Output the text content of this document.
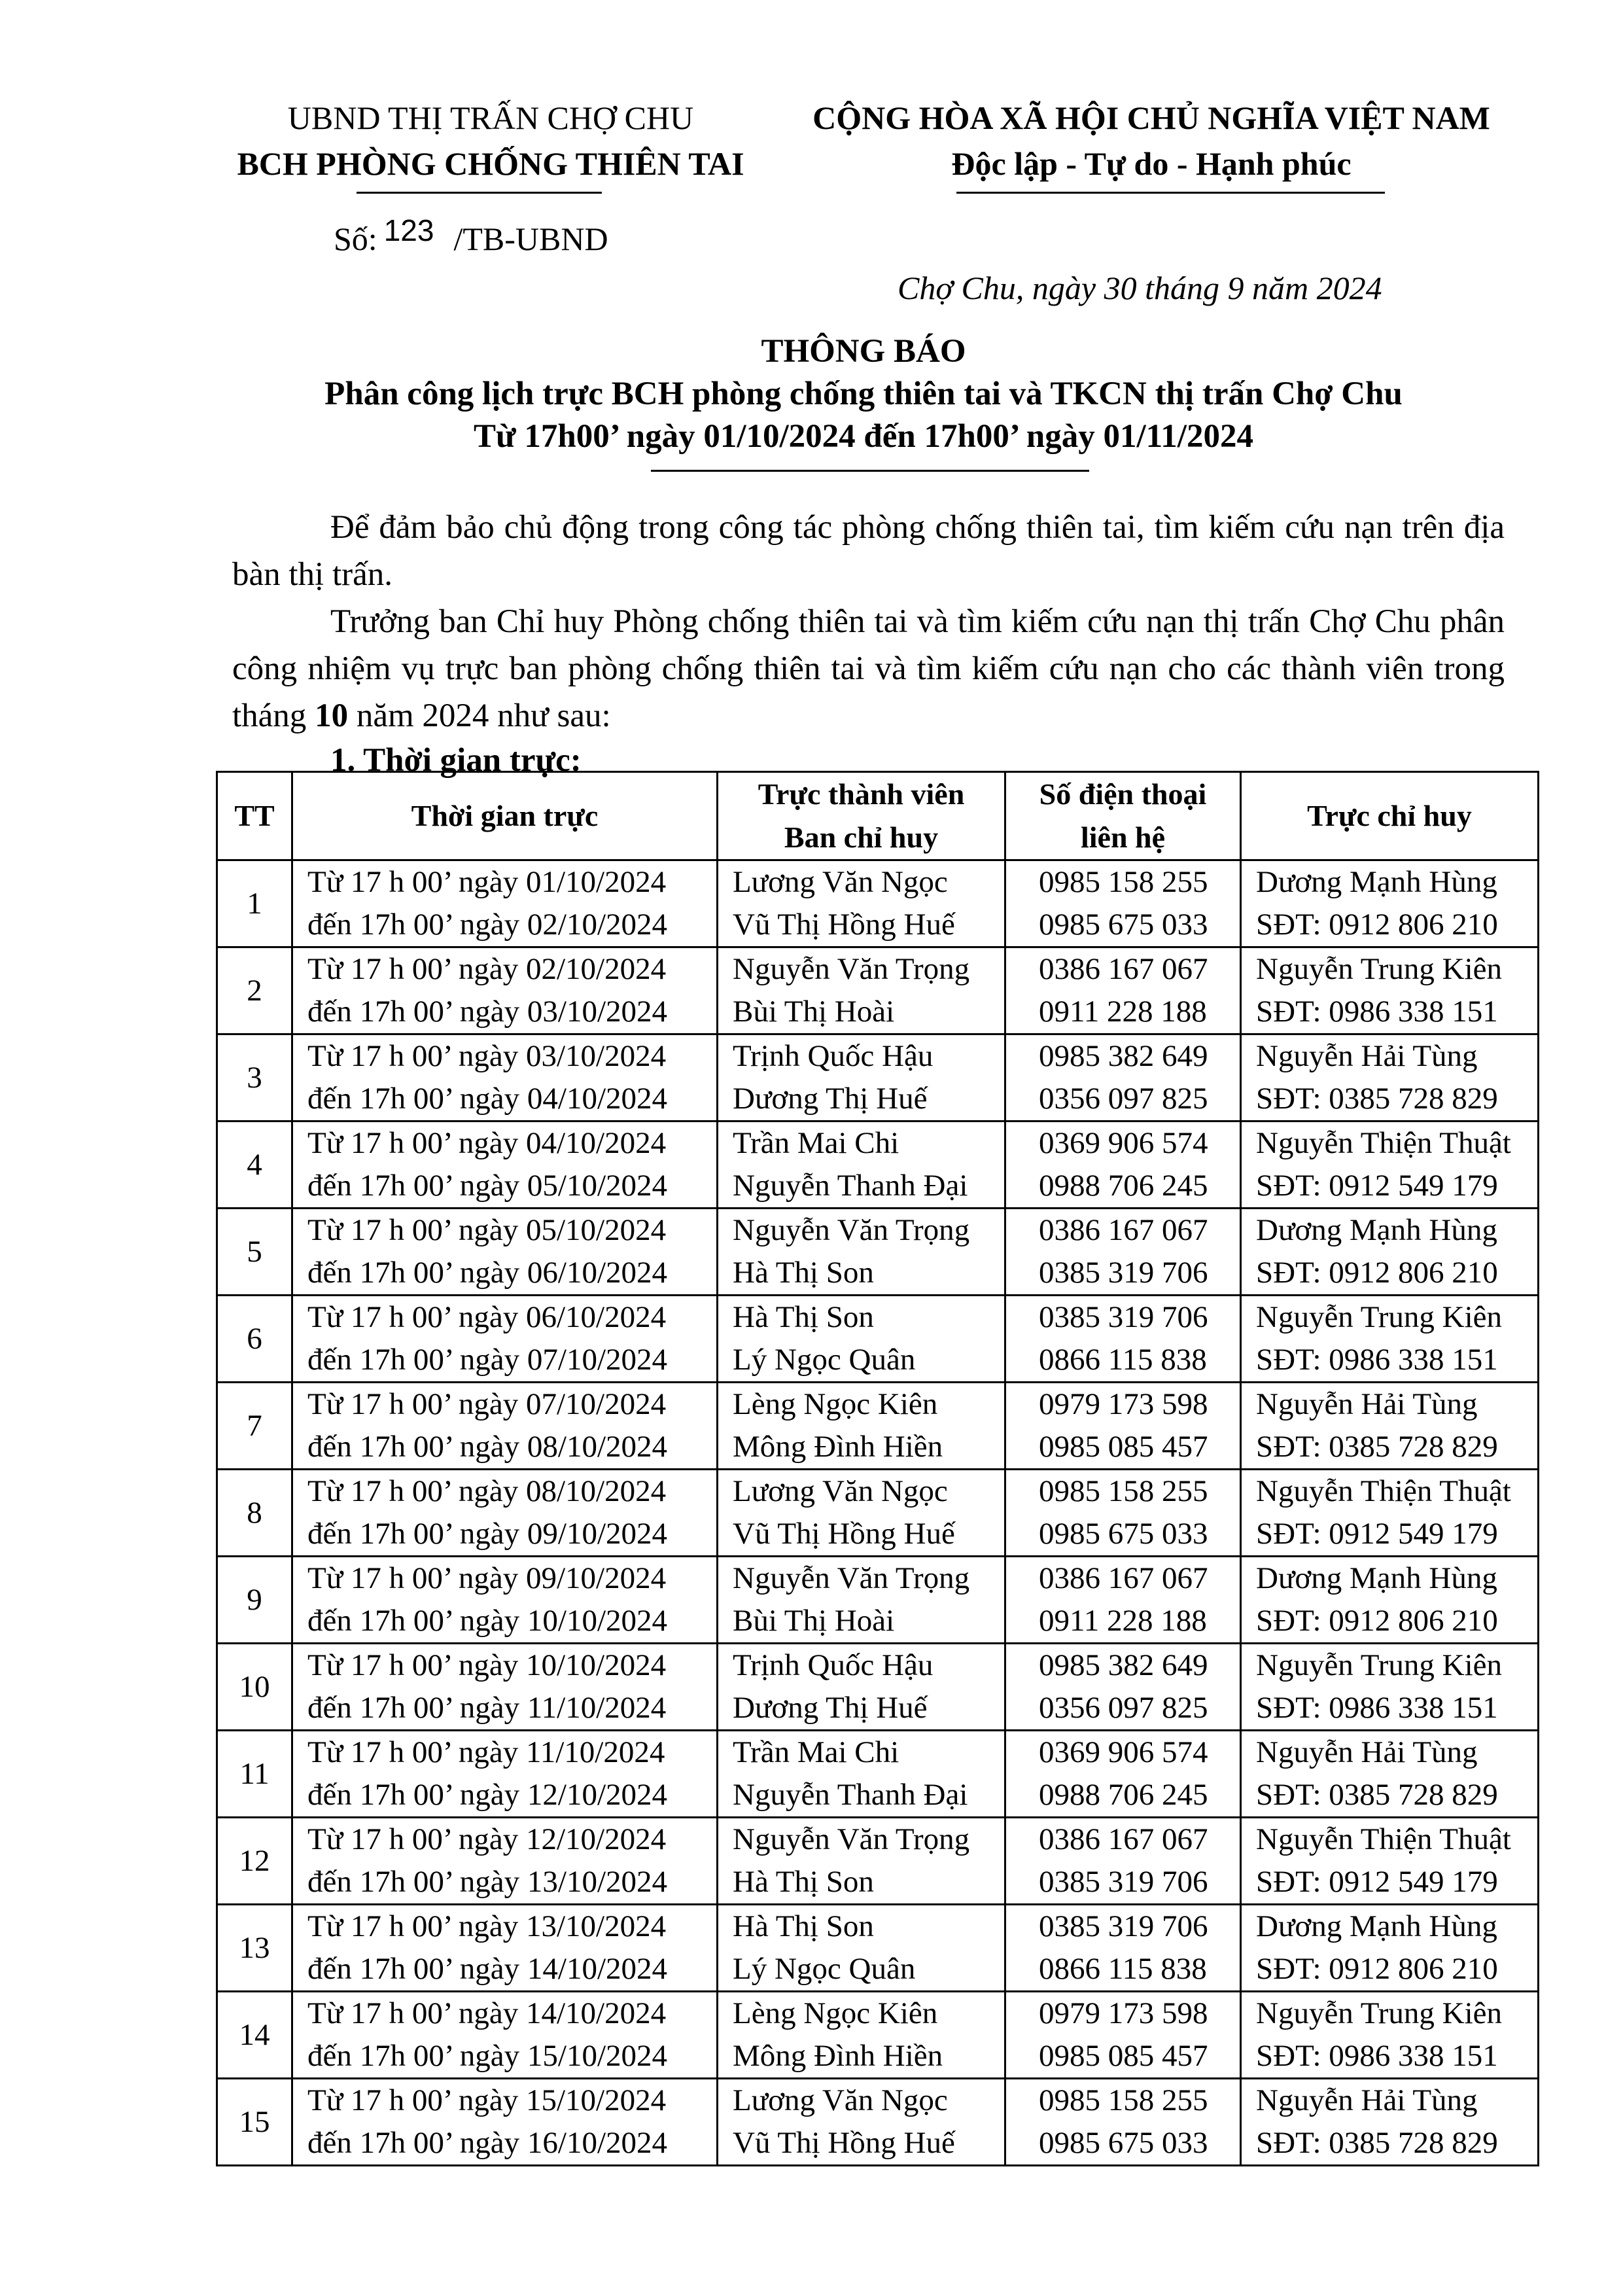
UBND THỊ TRẤN CHỢ CHU
BCH PHÒNG CHỐNG THIÊN TAI
CỘNG HÒA XÃ HỘI CHỦ NGHĨA VIỆT NAM
Độc lập - Tự do - Hạnh phúc
Số: 123 /TB-UBND
Chợ Chu, ngày 30 tháng 9 năm 2024
THÔNG BÁO
Phân công lịch trực BCH phòng chống thiên tai và TKCN thị trấn Chợ Chu
Từ 17h00’ ngày 01/10/2024 đến 17h00’ ngày 01/11/2024

Để đảm bảo chủ động trong công tác phòng chống thiên tai, tìm kiếm cứu nạn trên địa bàn thị trấn.

Trưởng ban Chỉ huy Phòng chống thiên tai và tìm kiếm cứu nạn thị trấn Chợ Chu phân công nhiệm vụ trực ban phòng chống thiên tai và tìm kiếm cứu nạn cho các thành viên trong tháng 10 năm 2024 như sau:

1. Thời gian trực:

TT	Thời gian trực	Trực thành viên
Ban chỉ huy	Số điện thoại
liên hệ	Trực chỉ huy
1	Từ 17 h 00’ ngày 01/10/2024
đến 17h 00’ ngày 02/10/2024	Lương Văn Ngọc
Vũ Thị Hồng Huế	0985 158 255
0985 675 033	Dương Mạnh Hùng
SĐT: 0912 806 210

2	Từ 17 h 00’ ngày 02/10/2024
đến 17h 00’ ngày 03/10/2024	Nguyễn Văn Trọng
Bùi Thị Hoài	0386 167 067
0911 228 188	Nguyễn Trung Kiên
SĐT: 0986 338 151

3	Từ 17 h 00’ ngày 03/10/2024
đến 17h 00’ ngày 04/10/2024	Trịnh Quốc Hậu
Dương Thị Huế	0985 382 649
0356 097 825	Nguyễn Hải Tùng
SĐT: 0385 728 829

4	Từ 17 h 00’ ngày 04/10/2024
đến 17h 00’ ngày 05/10/2024	Trần Mai Chi
Nguyễn Thanh Đại	0369 906 574
0988 706 245	Nguyễn Thiện Thuật
SĐT: 0912 549 179

5	Từ 17 h 00’ ngày 05/10/2024
đến 17h 00’ ngày 06/10/2024	Nguyễn Văn Trọng
Hà Thị Son	0386 167 067
0385 319 706	Dương Mạnh Hùng
SĐT: 0912 806 210

6	Từ 17 h 00’ ngày 06/10/2024
đến 17h 00’ ngày 07/10/2024	Hà Thị Son
Lý Ngọc Quân	0385 319 706
0866 115 838	Nguyễn Trung Kiên
SĐT: 0986 338 151

7	Từ 17 h 00’ ngày 07/10/2024
đến 17h 00’ ngày 08/10/2024	Lèng Ngọc Kiên
Mông Đình Hiền	0979 173 598
0985 085 457	Nguyễn Hải Tùng
SĐT: 0385 728 829

8	Từ 17 h 00’ ngày 08/10/2024
đến 17h 00’ ngày 09/10/2024	Lương Văn Ngọc
Vũ Thị Hồng Huế	0985 158 255
0985 675 033	Nguyễn Thiện Thuật
SĐT: 0912 549 179

9	Từ 17 h 00’ ngày 09/10/2024
đến 17h 00’ ngày 10/10/2024	Nguyễn Văn Trọng
Bùi Thị Hoài	0386 167 067
0911 228 188	Dương Mạnh Hùng
SĐT: 0912 806 210

10	Từ 17 h 00’ ngày 10/10/2024
đến 17h 00’ ngày 11/10/2024	Trịnh Quốc Hậu
Dương Thị Huế	0985 382 649
0356 097 825	Nguyễn Trung Kiên
SĐT: 0986 338 151

11	Từ 17 h 00’ ngày 11/10/2024
đến 17h 00’ ngày 12/10/2024	Trần Mai Chi
Nguyễn Thanh Đại	0369 906 574
0988 706 245	Nguyễn Hải Tùng
SĐT: 0385 728 829

12	Từ 17 h 00’ ngày 12/10/2024
đến 17h 00’ ngày 13/10/2024	Nguyễn Văn Trọng
Hà Thị Son	0386 167 067
0385 319 706	Nguyễn Thiện Thuật
SĐT: 0912 549 179

13	Từ 17 h 00’ ngày 13/10/2024
đến 17h 00’ ngày 14/10/2024	Hà Thị Son
Lý Ngọc Quân	0385 319 706
0866 115 838	Dương Mạnh Hùng
SĐT: 0912 806 210

14	Từ 17 h 00’ ngày 14/10/2024
đến 17h 00’ ngày 15/10/2024	Lèng Ngọc Kiên
Mông Đình Hiền	0979 173 598
0985 085 457	Nguyễn Trung Kiên
SĐT: 0986 338 151

15	Từ 17 h 00’ ngày 15/10/2024
đến 17h 00’ ngày 16/10/2024	Lương Văn Ngọc
Vũ Thị Hồng Huế	0985 158 255
0985 675 033	Nguyễn Hải Tùng
SĐT: 0385 728 829
